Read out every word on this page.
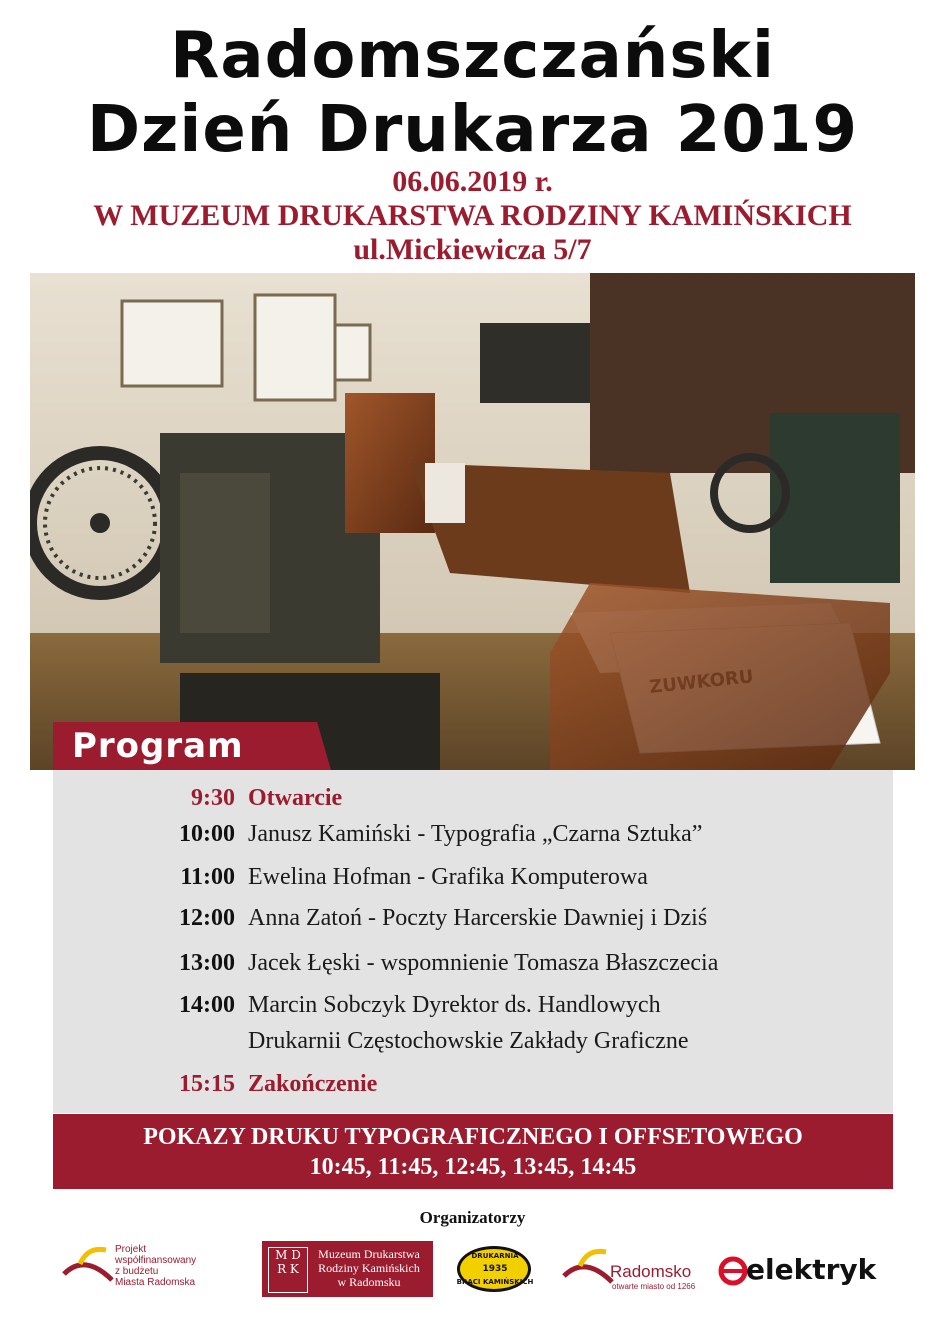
Radomszczański
Dzień Drukarza 2019
06.06.2019 r.
W MUZEUM DRUKARSTWA RODZINY KAMIŃSKICH
ul.Mickiewicza 5/7
Program
9:30 Otwarcie
10:00 Janusz Kamiński - Typografia „Czarna Sztuka”
11:00 Ewelina Hofman - Grafika Komputerowa
12:00 Anna Zatoń - Poczty Harcerskie Dawniej i Dziś
13:00 Jacek Łęski - wspomnienie Tomasza Błaszczecia
14:00 Marcin Sobczyk Dyrektor ds. Handlowych
Drukarnii Częstochowskie Zakłady Graficzne
15:15 Zakończenie
POKAZY DRUKU TYPOGRAFICZNEGO I OFFSETOWEGO
10:45, 11:45, 12:45, 13:45, 14:45
Organizatorzy
Projekt
współfinansowany
z budżetu
Miasta Radomska
M D R K
Muzeum Drukarstwa
Rodziny Kamińskich
w Radomsku
DRUKARNIA
1935
BRACI KAMIŃSKICH
Radomsko
otwarte miasto od 1266
elektryk
